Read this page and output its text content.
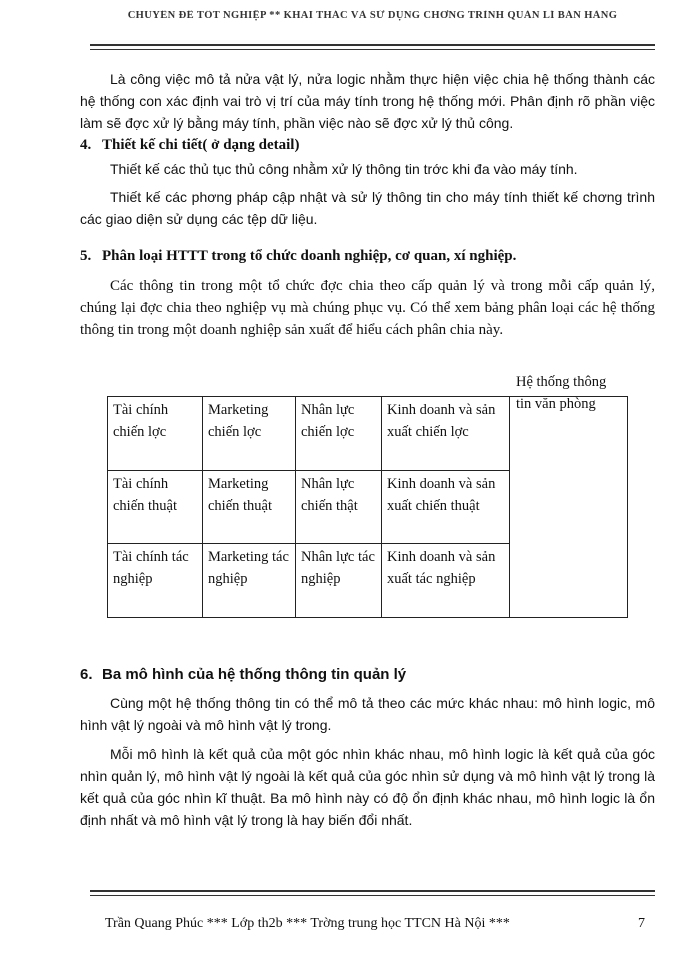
CHUYÊN ĐỀ TỐT NGHIỆP ** KHAI THÁC VÀ SỬ DỤNG CHƠNG TRÌNH QUẢN LÍ BÁN HÀNG

Là công việc mô tả nửa vật lý, nửa logic nhằm thực hiện việc chia hệ thống thành các hệ thống con xác định vai trò vị trí của máy tính trong hệ thống mới. Phân định rõ phần việc làm sẽ đợc xử lý bằng máy tính, phần việc nào sẽ đợc xử lý thủ công.

4. Thiết kế chi tiết( ở dạng detail)

Thiết kế các thủ tục thủ công nhằm xử lý thông tin trớc khi đa vào máy tính.

Thiết kế các phơng pháp cập nhật và sử lý thông tin cho máy tính thiết kế chơng trình các giao diện sử dụng các tệp dữ liệu.

5. Phân loại HTTT trong tổ chức doanh nghiệp, cơ quan, xí nghiệp.

Các thông tin trong một tổ chức đợc chia theo cấp quản lý và trong mỗi cấp quản lý, chúng lại đợc chia theo nghiệp vụ mà chúng phục vụ. Có thể xem bảng phân loại các hệ thống thông tin trong một doanh nghiệp sản xuất để hiểu cách phân chia này.

Tài chính chiến lợc	Marketing chiến lợc	Nhân lực chiến lợc	Kinh doanh và sản xuất chiến lợc	Hệ thống thông tin văn phòng

Tài chính chiến thuật	Marketing chiến thuật	Nhân lực chiến thật	Kinh doanh và sản xuất chiến thuật	
Tài chính tác nghiệp	Marketing tác nghiệp	Nhân lực tác nghiệp	Kinh doanh và sản xuất tác nghiệp	
6. Ba mô hình của hệ thống thông tin quản lý

Cùng một hệ thống thông tin có thể mô tả theo các mức khác nhau: mô hình logic, mô hình vật lý ngoài và mô hình vật lý trong.

Mỗi mô hình là kết quả của một góc nhìn khác nhau, mô hình logic là kết quả của góc nhìn quản lý, mô hình vật lý ngoài là kết quả của góc nhìn sử dụng và mô hình vật lý trong là kết quả của góc nhìn kĩ thuật. Ba mô hình này có độ ổn định khác nhau, mô hình logic là ổn định nhất và mô hình vật lý trong là hay biến đổi nhất.

Trần Quang Phúc *** Lớp th2b *** Trờng trung học TTCN Hà Nội ***	7
